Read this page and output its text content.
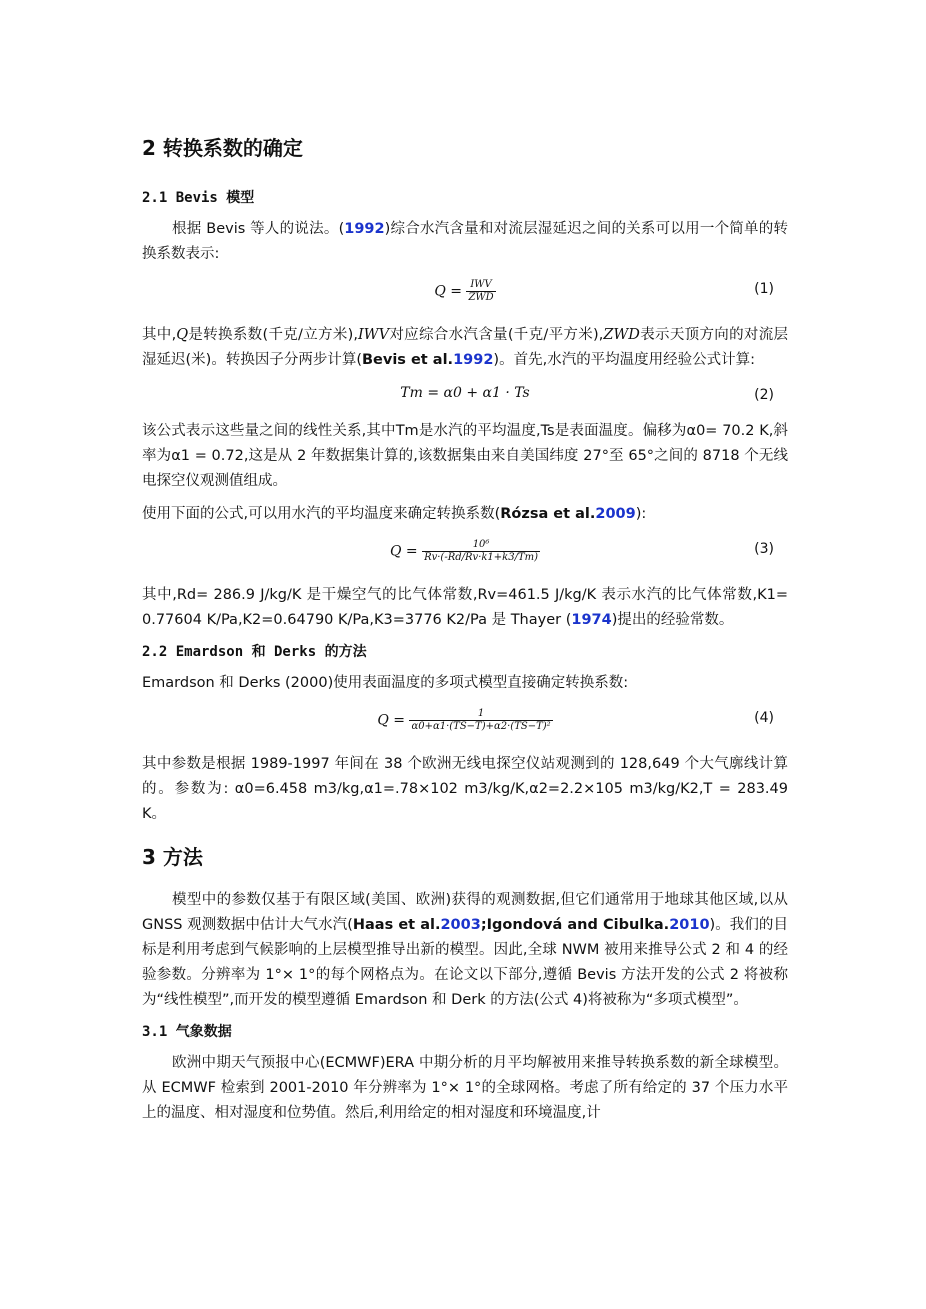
2 转换系数的确定
2.1 Bevis 模型

根据 Bevis 等人的说法。(1992)综合水汽含量和对流层湿延迟之间的关系可以用一个简单的转换系数表示:

$Q = \frac{\text{IWV}}{\text{ZWD}}$	(1)

其中,Q是转换系数(千克/立方米),IWV对应综合水汽含量(千克/平方米),ZWD表示天顶方向的对流层湿延迟(米)。转换因子分两步计算(Bevis et al.1992)。首先,水汽的平均温度用经验公式计算:

Tm = α0 + α1 · Ts	(2)

该公式表示这些量之间的线性关系,其中Tm是水汽的平均温度,Ts是表面温度。偏移为α0= 70.2 K,斜率为α1 = 0.72,这是从 2 年数据集计算的,该数据集由来自美国纬度 27°至 65°之间的 8718 个无线电探空仪观测值组成。

使用下面的公式,可以用水汽的平均温度来确定转换系数(Rózsa et al.2009):

$Q = \frac{\text{10⁶}}{Rv\cdot(-Rd/Rv\cdot k1+k3/Tm)}$	(3)

其中,Rd= 286.9 J/kg/K 是干燥空气的比气体常数,Rv=461.5 J/kg/K 表示水汽的比气体常数,K1= 0.77604 K/Pa,K2=0.64790 K/Pa,K3=3776 K2/Pa 是 Thayer (1974)提出的经验常数。

2.2 Emardson 和 Derks 的方法

Emardson 和 Derks (2000)使用表面温度的多项式模型直接确定转换系数:

$Q = \frac{1}{\text{α0+α1·(TS−T)+α2·(TS−T)²}}$	(4)

其中参数是根据 1989-1997 年间在 38 个欧洲无线电探空仪站观测到的 128,649 个大气廓线计算的。参数为: α0=6.458 m3/kg,α1=.78×102 m3/kg/K,α2=2.2×105 m3/kg/K2,T = 283.49 K。

3 方法

模型中的参数仅基于有限区域(美国、欧洲)获得的观测数据,但它们通常用于地球其他区域,以从 GNSS 观测数据中估计大气水汽(Haas et al.2003;Igondová and Cibulka.2010)。我们的目标是利用考虑到气候影响的上层模型推导出新的模型。因此,全球 NWM 被用来推导公式 2 和 4 的经验参数。分辨率为 1°× 1°的每个网格点为。在论文以下部分,遵循 Bevis 方法开发的公式 2 将被称为“线性模型”,而开发的模型遵循 Emardson 和 Derk 的方法(公式 4)将被称为“多项式模型”。

3.1 气象数据

欧洲中期天气预报中心(ECMWF)ERA 中期分析的月平均解被用来推导转换系数的新全球模型。从 ECMWF 检索到 2001-2010 年分辨率为 1°× 1°的全球网格。考虑了所有给定的 37 个压力水平上的温度、相对湿度和位势值。然后,利用给定的相对湿度和环境温度,计
